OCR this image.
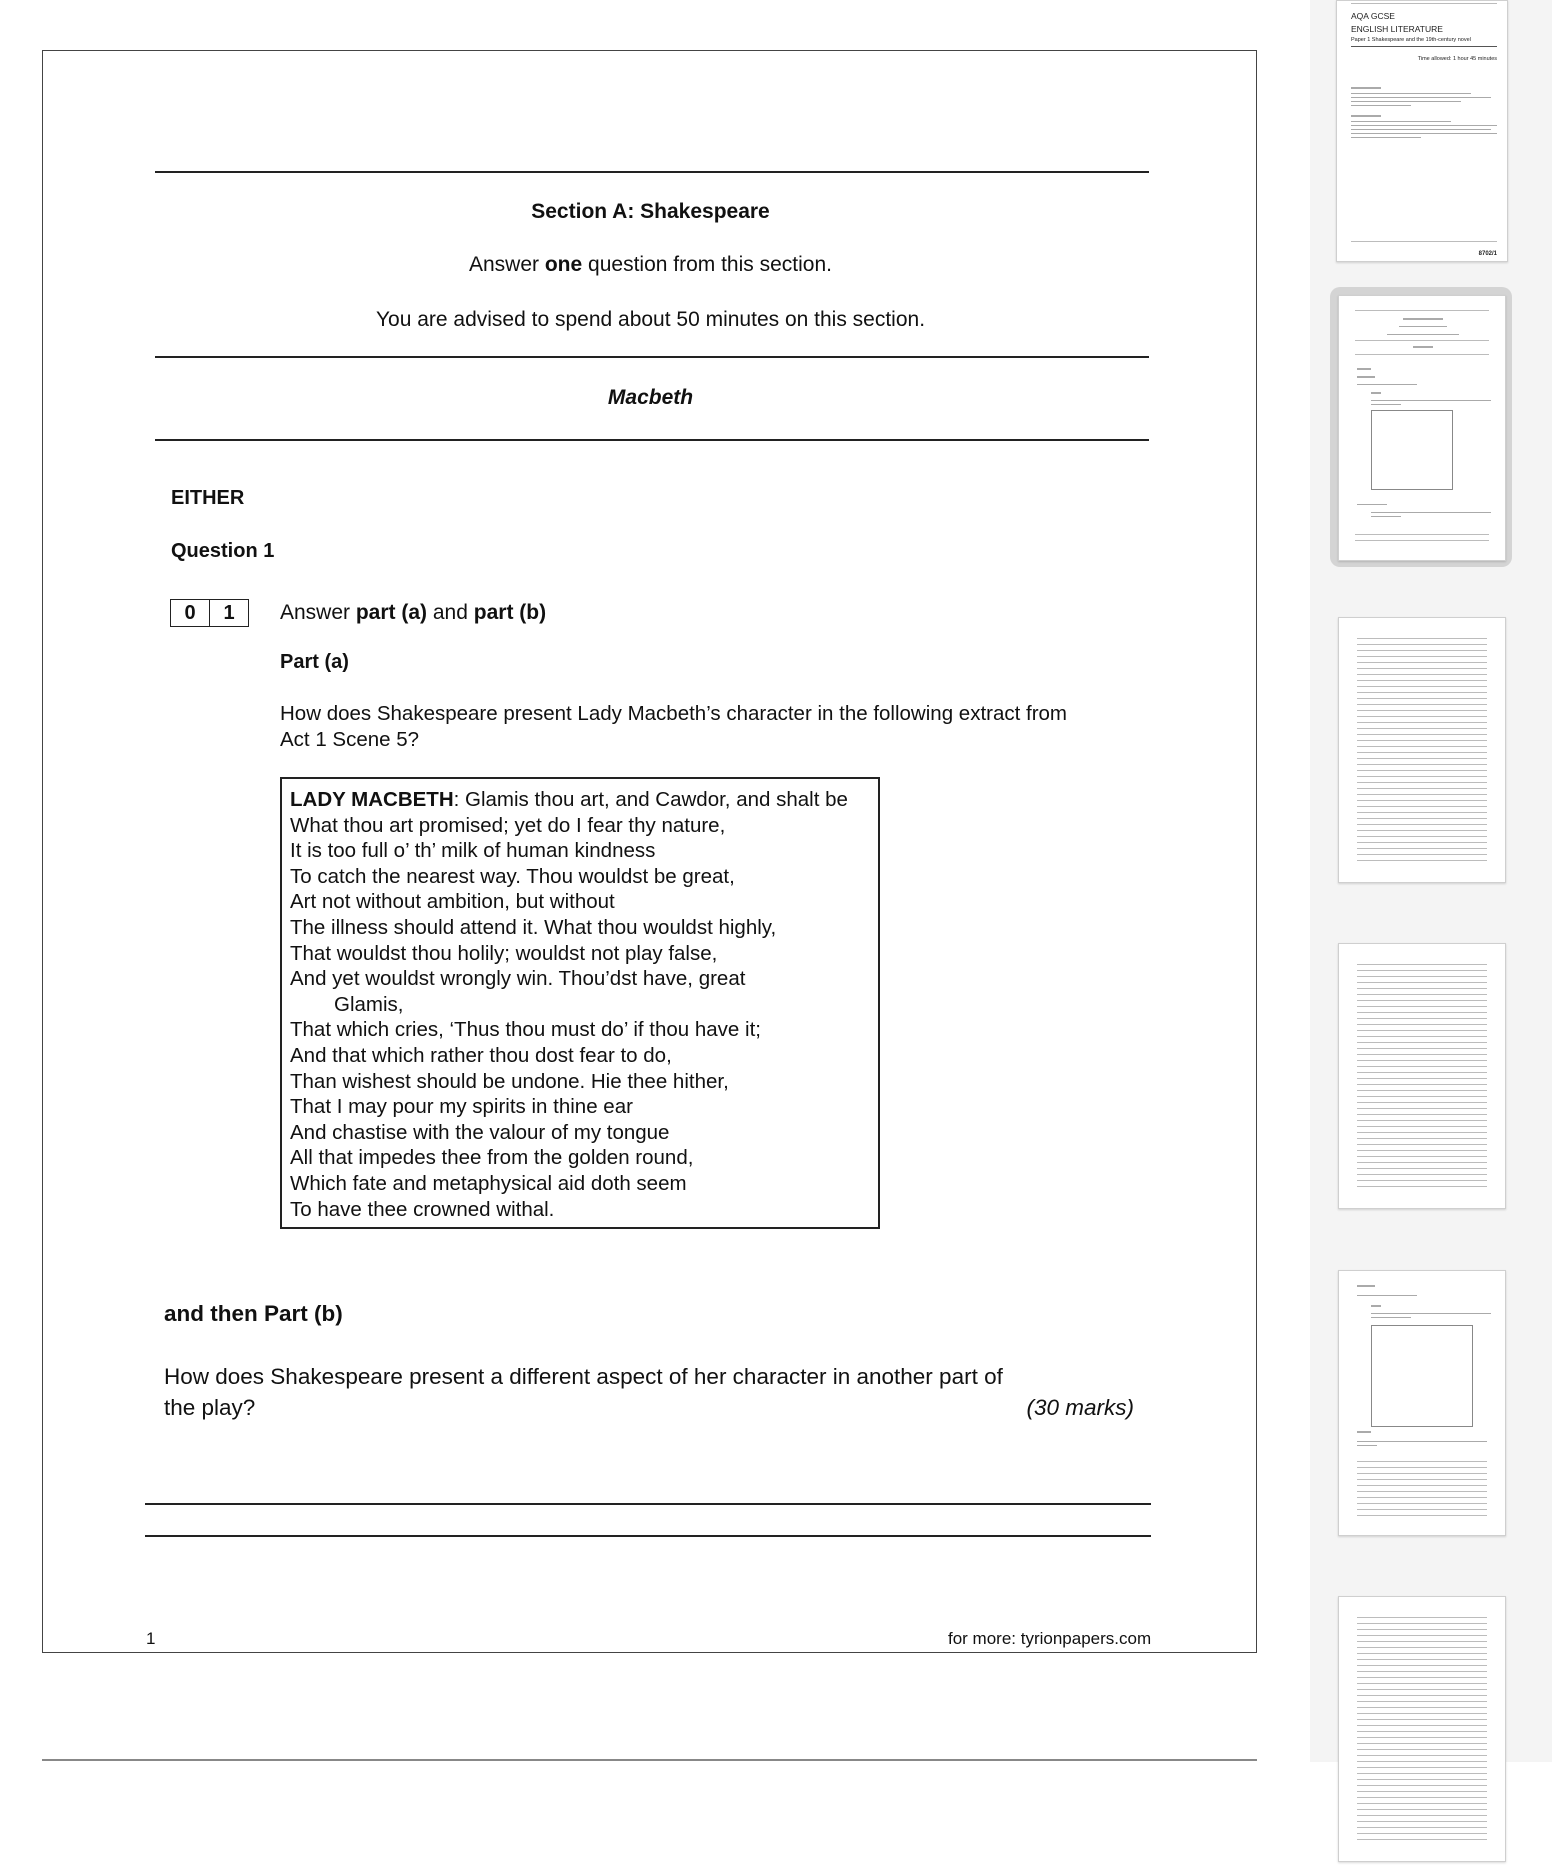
Section A: Shakespeare
Answer one question from this section.
You are advised to spend about 50 minutes on this section.
Macbeth
EITHER
Question 1
0	1	Answer part (a) and part (b)
Part (a)
How does Shakespeare present Lady Macbeth’s character in the following extract from
Act 1 Scene 5?
LADY MACBETH: Glamis thou art, and Cawdor, and shalt be
What thou art promised; yet do I fear thy nature,
It is too full o’ th’ milk of human kindness
To catch the nearest way. Thou wouldst be great,
Art not without ambition, but without
The illness should attend it. What thou wouldst highly,
That wouldst thou holily; wouldst not play false,
And yet wouldst wrongly win. Thou’dst have, great
Glamis,
That which cries, ‘Thus thou must do’ if thou have it;
And that which rather thou dost fear to do,
Than wishest should be undone. Hie thee hither,
That I may pour my spirits in thine ear
And chastise with the valour of my tongue
All that impedes thee from the golden round,
Which fate and metaphysical aid doth seem
To have thee crowned withal.
and then Part (b)
How does Shakespeare present a different aspect of her character in another part of
the play?	(30 marks)
1	for more: tyrionpapers.com
AQA GCSE
ENGLISH LITERATURE
Paper 1 Shakespeare and the 19th-century novel
Time allowed: 1 hour 45 minutes
8702/1
